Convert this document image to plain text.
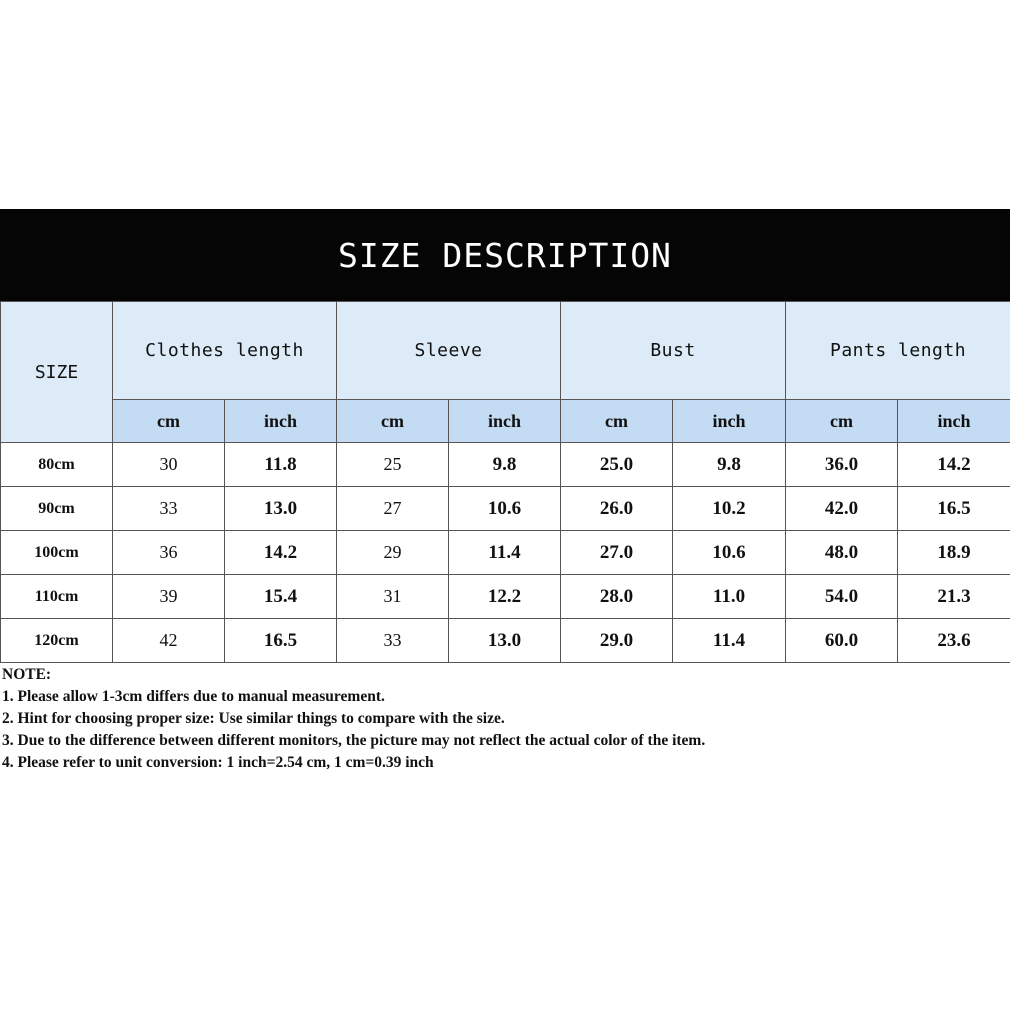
SIZE DESCRIPTION
SIZE	Clothes length		Sleeve		Bust		Pants length	
	cm	inch	cm	inch	cm	inch	cm	inch
80cm	30	11.8	25	9.8	25.0	9.8	36.0	14.2
90cm	33	13.0	27	10.6	26.0	10.2	42.0	16.5
100cm	36	14.2	29	11.4	27.0	10.6	48.0	18.9
110cm	39	15.4	31	12.2	28.0	11.0	54.0	21.3
120cm	42	16.5	33	13.0	29.0	11.4	60.0	23.6
NOTE:
1. Please allow 1-3cm differs due to manual measurement.
2. Hint for choosing proper size: Use similar things to compare with the size.
3. Due to the difference between different monitors, the picture may not reflect the actual color of the item.
4. Please refer to unit conversion: 1 inch=2.54 cm, 1 cm=0.39 inch
